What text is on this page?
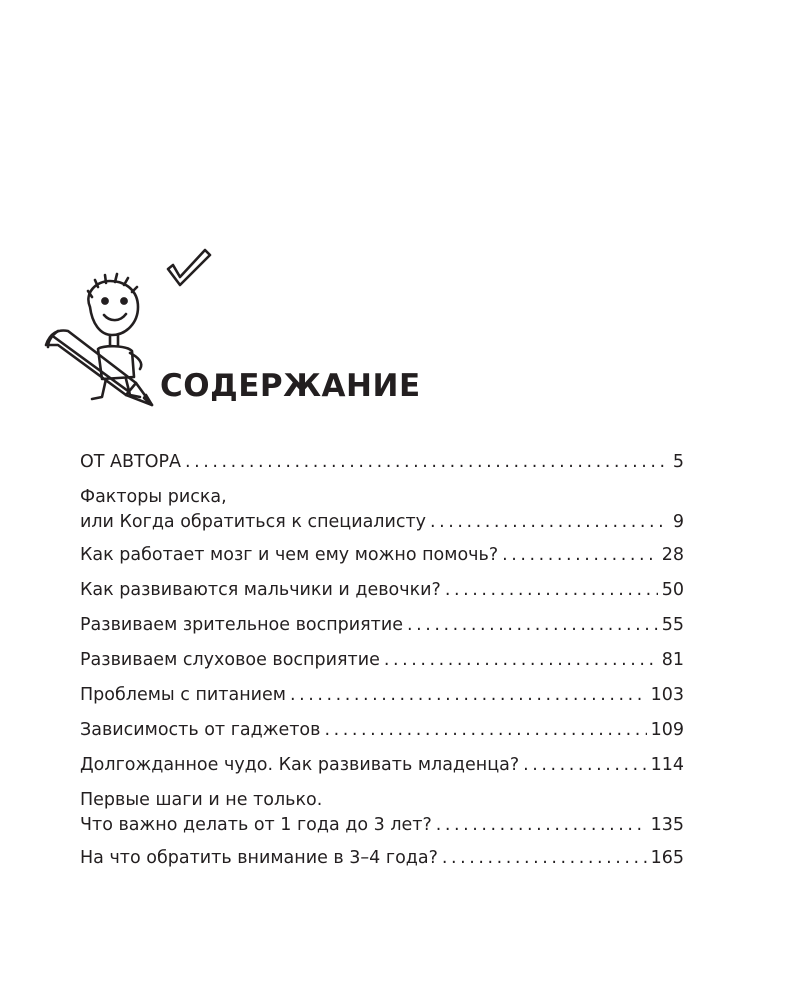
СОДЕРЖАНИЕ
ОТ АВТОРА . . .	5
Факторы риска,
или Когда обратиться к специалисту . . .	9
Как работает мозг и чем ему можно помочь? . . .	28
Как развиваются мальчики и девочки? . . .	50
Развиваем зрительное восприятие . . .	55
Развиваем слуховое восприятие . . .	81
Проблемы с питанием . . .	103
Зависимость от гаджетов . . .	109
Долгожданное чудо. Как развивать младенца? . . .	114
Первые шаги и не только.
Что важно делать от 1 года до 3 лет? . . .	135
На что обратить внимание в 3–4 года? . . .	165
